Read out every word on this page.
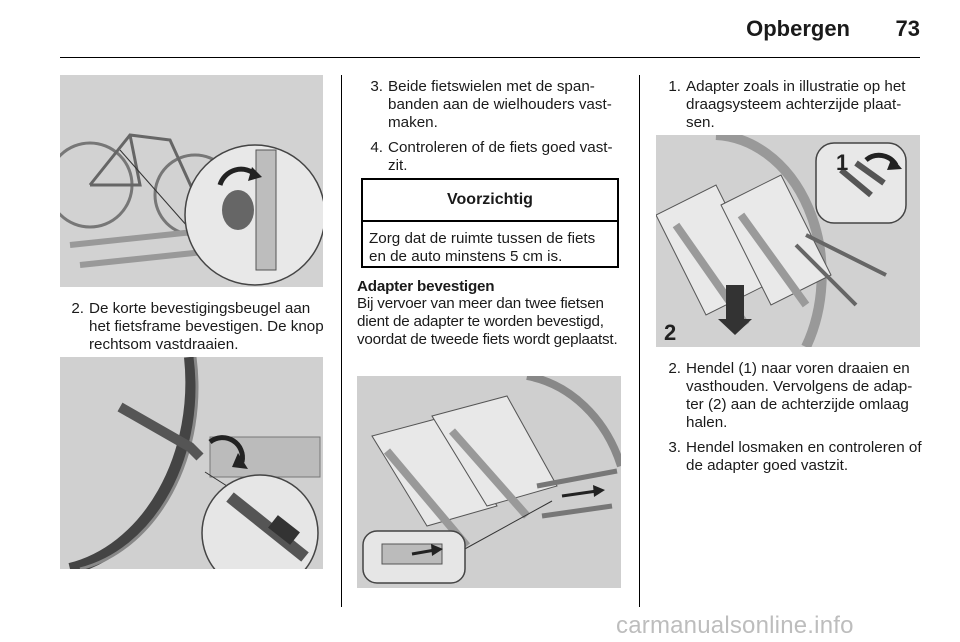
Opbergen	73
2. De korte bevestigingsbeugel aan het fietsframe bevestigen. De knop rechtsom vastdraaien.
3. Beide fietswielen met de spanbanden aan de wielhouders vastmaken.
4. Controleren of de fiets goed vastzit.
Voorzichtig
Zorg dat de ruimte tussen de fiets en de auto minstens 5 cm is.
Adapter bevestigen
Bij vervoer van meer dan twee fietsen dient de adapter te worden bevestigd, voordat de tweede fiets wordt geplaatst.
1. Adapter zoals in illustratie op het draagsysteem achterzijde plaatsen.
1
2
2. Hendel (1) naar voren draaien en vasthouden. Vervolgens de adapter (2) aan de achterzijde omlaag halen.
3. Hendel losmaken en controleren of de adapter goed vastzit.
carmanualsonline.info
